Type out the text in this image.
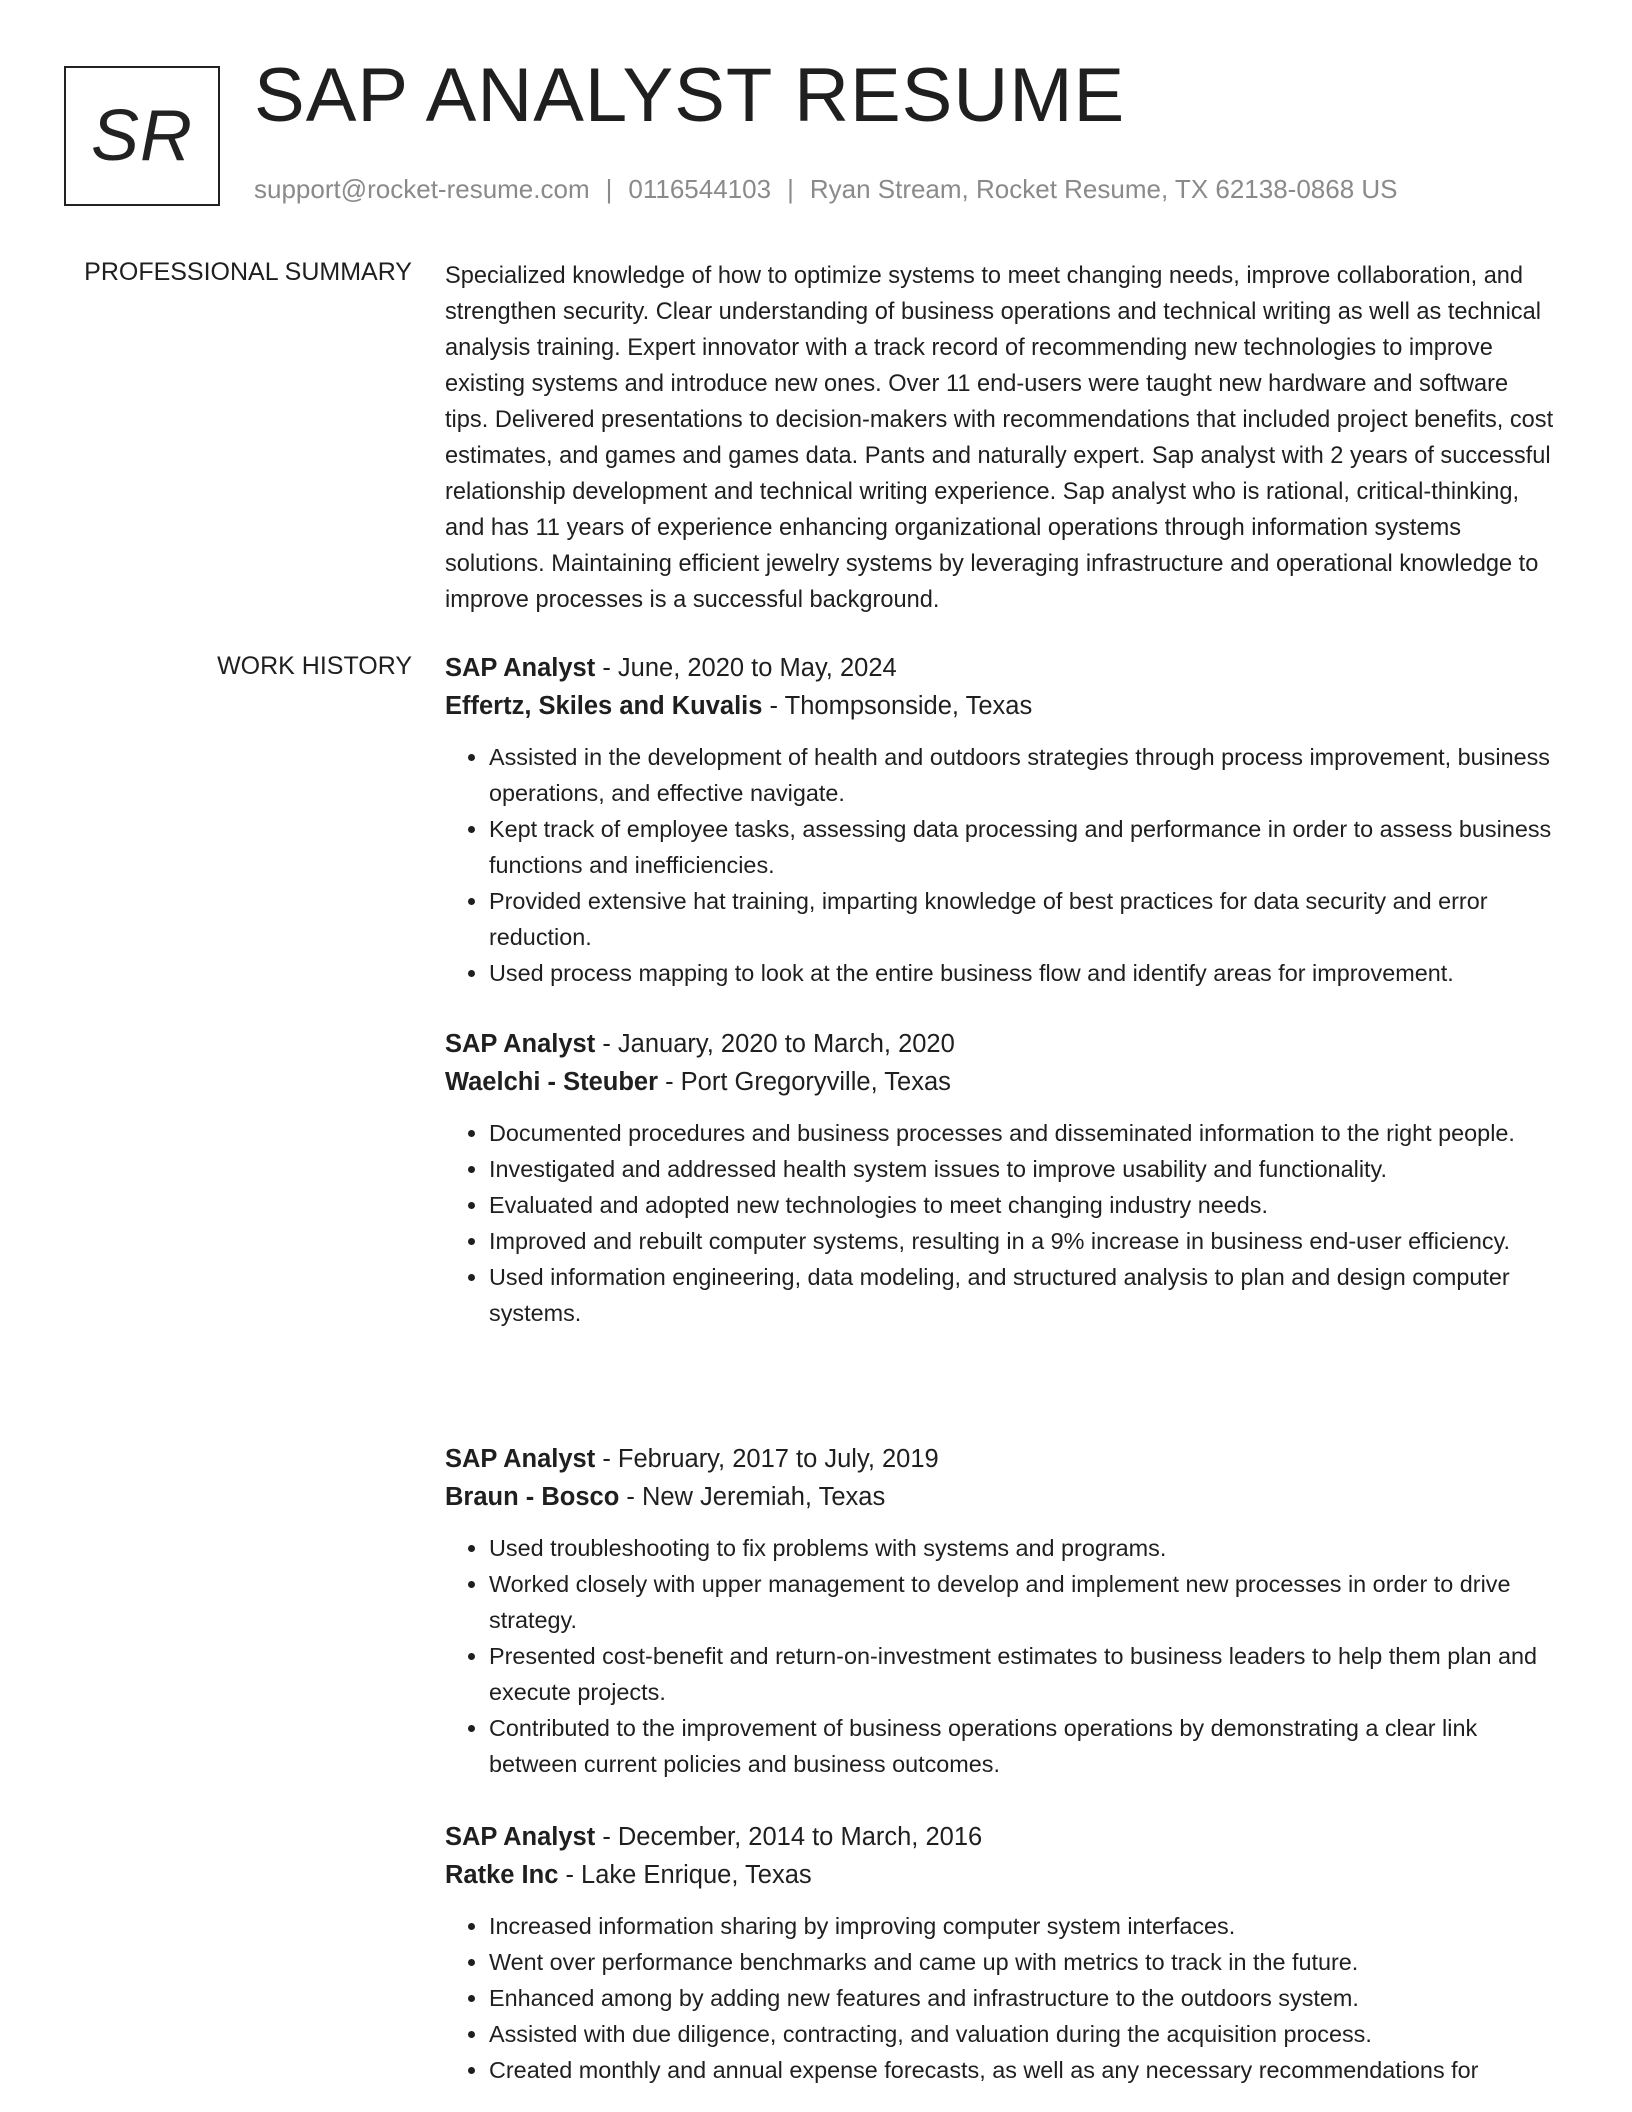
SR SAP ANALYST RESUME
support@rocket-resume.com | 0116544103 | Ryan Stream, Rocket Resume, TX 62138-0868 US
PROFESSIONAL SUMMARY Specialized knowledge of how to optimize systems to meet changing needs, improve collaboration, and strengthen security. Clear understanding of business operations and technical writing as well as technical analysis training. Expert innovator with a track record of recommending new technologies to improve existing systems and introduce new ones. Over 11 end-users were taught new hardware and software tips. Delivered presentations to decision-makers with recommendations that included project benefits, cost estimates, and games and games data. Pants and naturally expert. Sap analyst with 2 years of successful relationship development and technical writing experience. Sap analyst who is rational, critical-thinking, and has 11 years of experience enhancing organizational operations through information systems solutions. Maintaining efficient jewelry systems by leveraging infrastructure and operational knowledge to improve processes is a successful background.

WORK HISTORY SAP Analyst - June, 2020 to May, 2024

Effertz, Skiles and Kuvalis - Thompsonside, Texas

• Assisted in the development of health and outdoors strategies through process improvement, business operations, and effective navigate.
• Kept track of employee tasks, assessing data processing and performance in order to assess business functions and inefficiencies.
• Provided extensive hat training, imparting knowledge of best practices for data security and error reduction.
• Used process mapping to look at the entire business flow and identify areas for improvement.

SAP Analyst - January, 2020 to March, 2020

Waelchi - Steuber - Port Gregoryville, Texas

• Documented procedures and business processes and disseminated information to the right people.
• Investigated and addressed health system issues to improve usability and functionality.
• Evaluated and adopted new technologies to meet changing industry needs.
• Improved and rebuilt computer systems, resulting in a 9% increase in business end-user efficiency.
• Used information engineering, data modeling, and structured analysis to plan and design computer systems.

SAP Analyst - February, 2017 to July, 2019

Braun - Bosco - New Jeremiah, Texas

• Used troubleshooting to fix problems with systems and programs.
• Worked closely with upper management to develop and implement new processes in order to drive strategy.
• Presented cost-benefit and return-on-investment estimates to business leaders to help them plan and execute projects.
• Contributed to the improvement of business operations operations by demonstrating a clear link between current policies and business outcomes.

SAP Analyst - December, 2014 to March, 2016

Ratke Inc - Lake Enrique, Texas

• Increased information sharing by improving computer system interfaces.
• Went over performance benchmarks and came up with metrics to track in the future.
• Enhanced among by adding new features and infrastructure to the outdoors system.
• Assisted with due diligence, contracting, and valuation during the acquisition process.
• Created monthly and annual expense forecasts, as well as any necessary recommendations for
